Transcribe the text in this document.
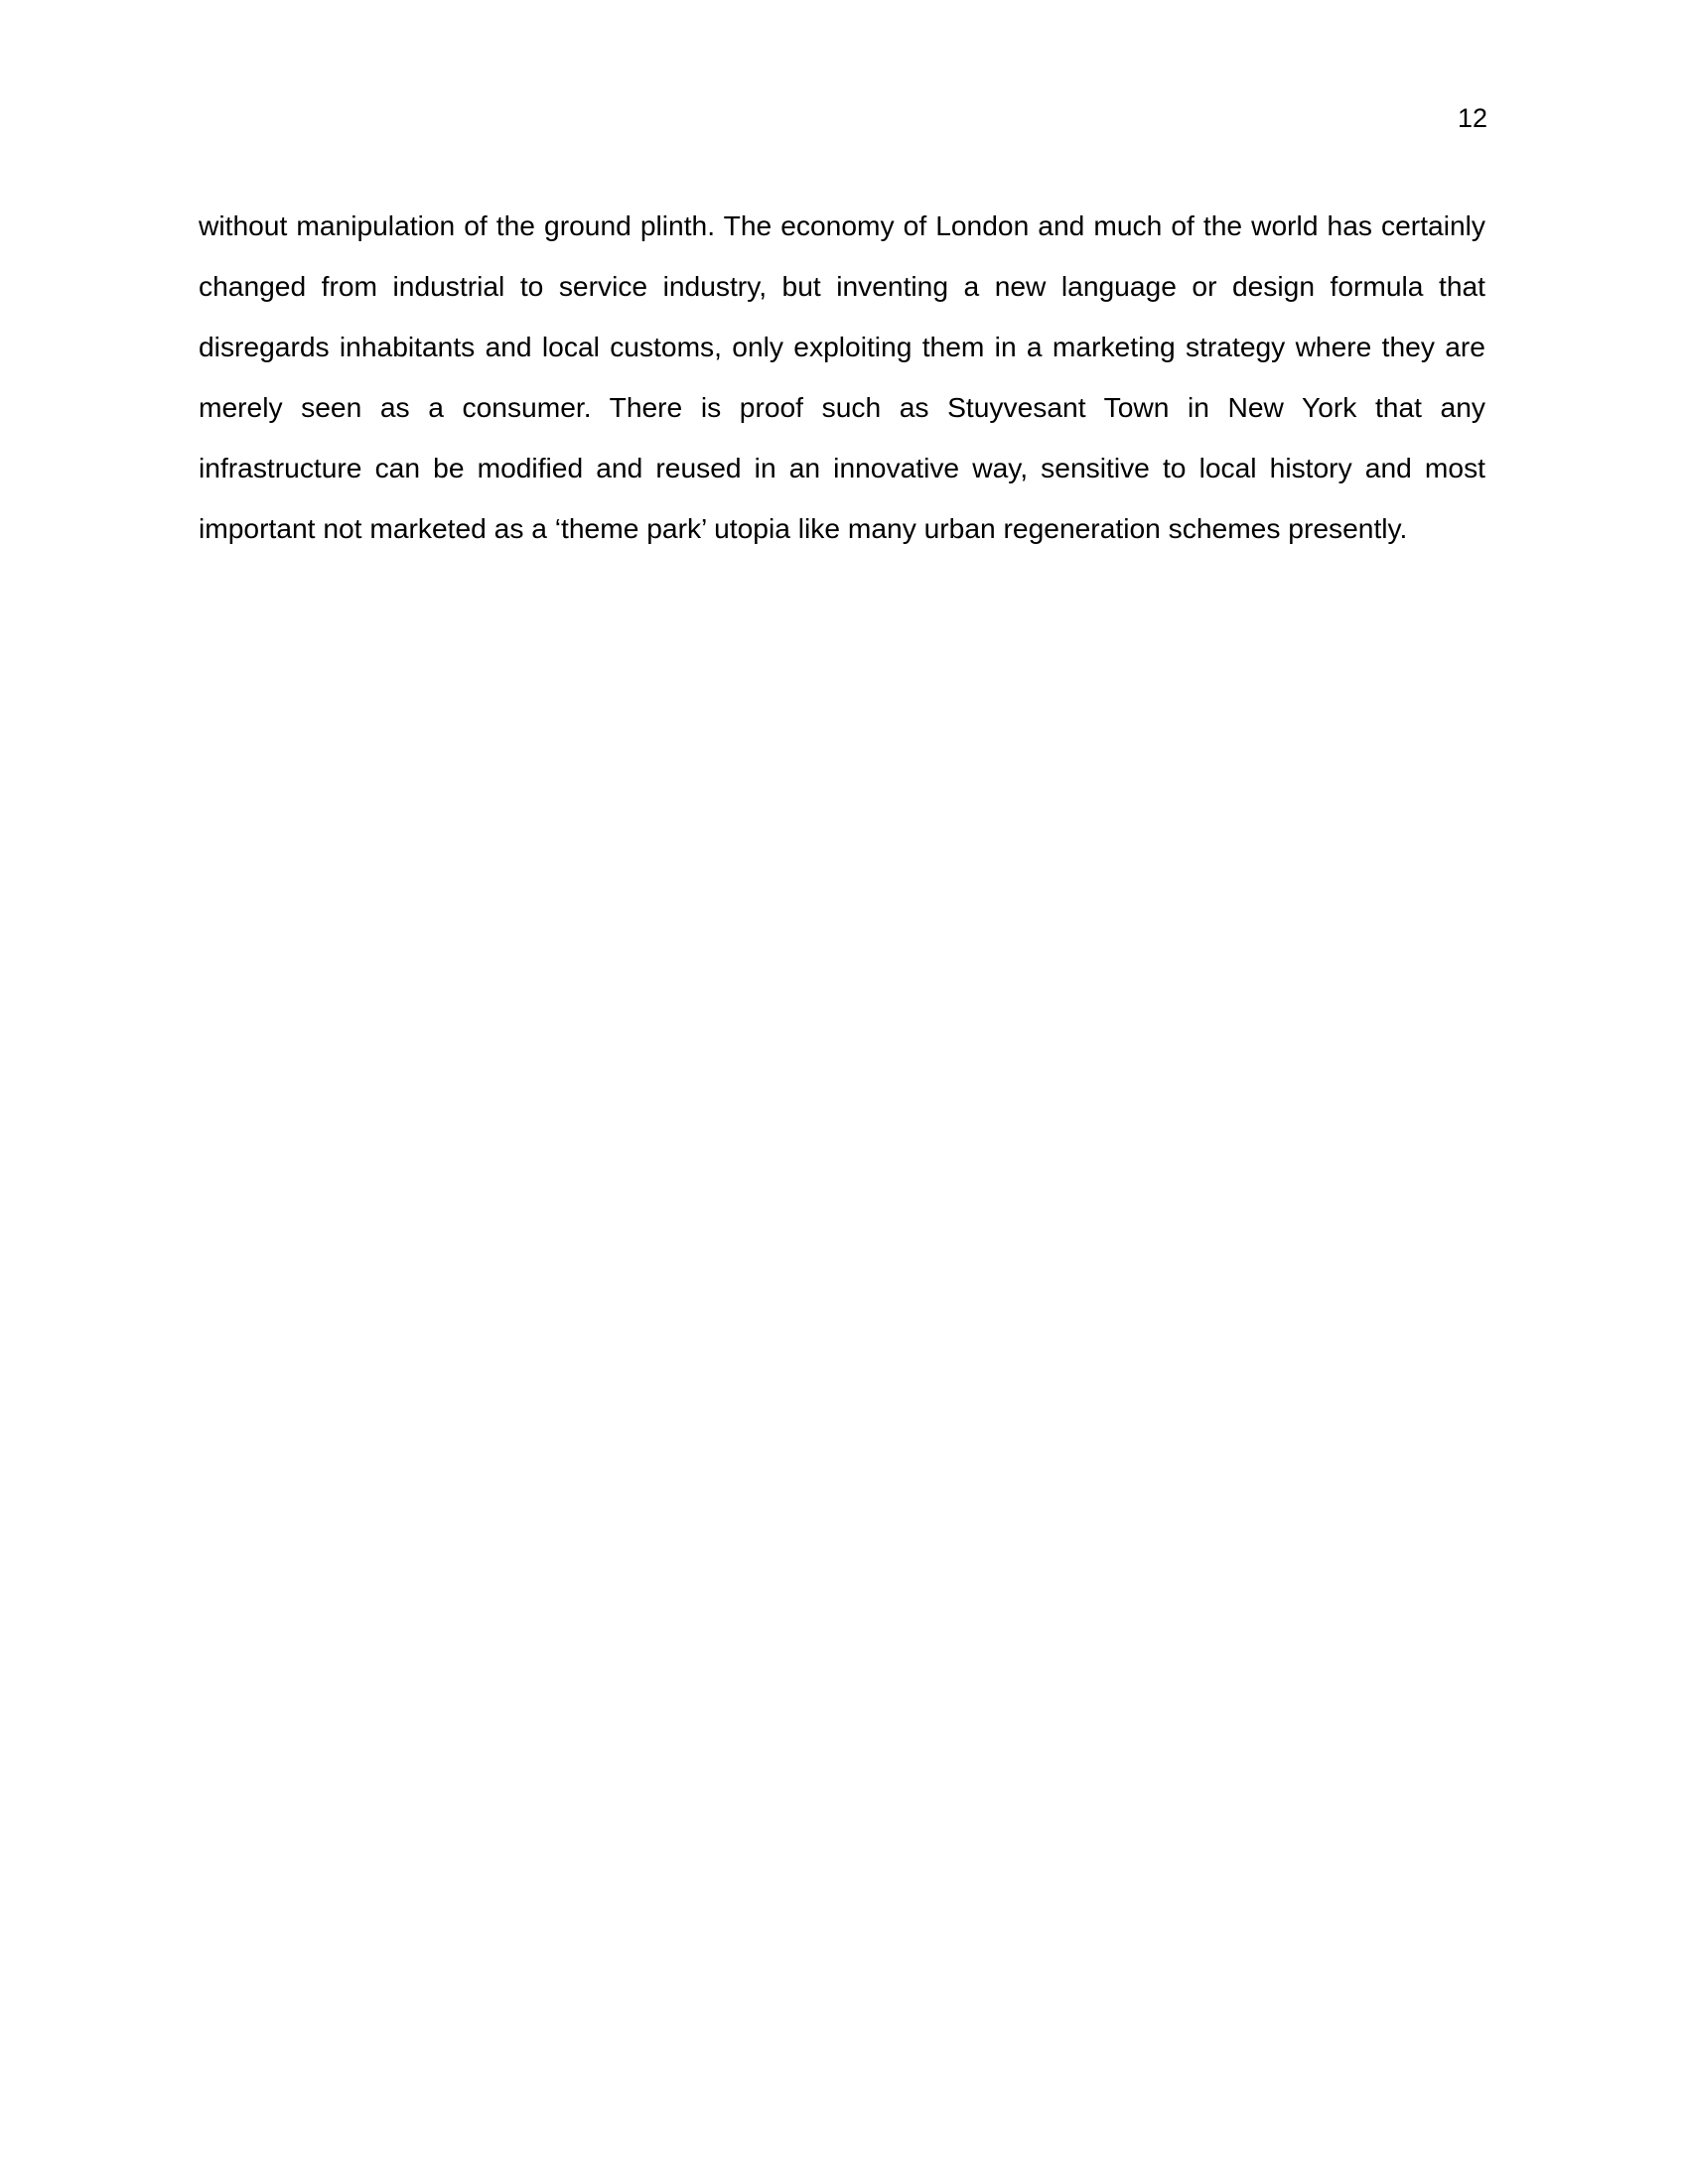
12

without manipulation of the ground plinth. The economy of London and much of the world has certainly changed from industrial to service industry, but inventing a new language or design formula that disregards inhabitants and local customs, only exploiting them in a marketing strategy where they are merely seen as a consumer. There is proof such as Stuyvesant Town in New York that any infrastructure can be modified and reused in an innovative way, sensitive to local history and most important not marketed as a ‘theme park’ utopia like many urban regeneration schemes presently.
